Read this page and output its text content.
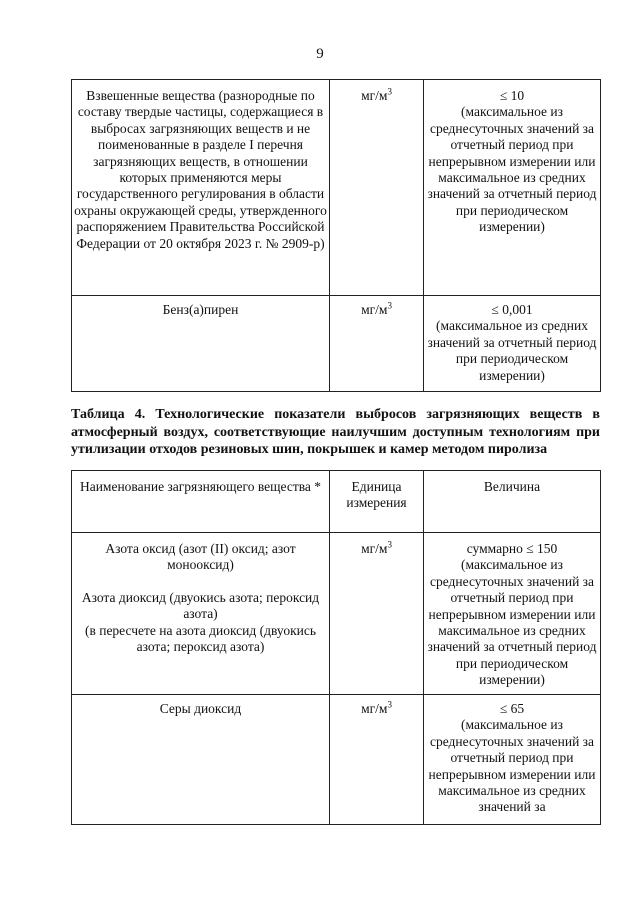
9
Взвешенные вещества (разнородные по составу твердые частицы, содержащиеся в выбросах загрязняющих веществ и не поименованные в разделе I перечня загрязняющих веществ, в отношении которых применяются меры государственного регулирования в области охраны окружающей среды, утвержденного распоряжением Правительства Российской Федерации от 20 октября 2023 г. № 2909-р)	$мг/м^3$	≤ 10
(максимальное из среднесуточных значений за отчетный период при непрерывном измерении или максимальное из средних значений за отчетный период при периодическом измерении)

Бенз(а)пирен	$мг/м^3$	≤ 0,001
(максимальное из средних значений за отчетный период при периодическом измерении)
Таблица 4. Технологические показатели выбросов загрязняющих веществ в атмосферный воздух, соответствующие наилучшим доступным технологиям при утилизации отходов резиновых шин, покрышек и камер методом пиролиза
Наименование загрязняющего вещества *	Единица измерения	Величина

Азота оксид (азот (II) оксид; азот монооксид)
Азота диоксид (двуокись азота; пероксид азота)
(в пересчете на азота диоксид (двуокись азота; пероксид азота)	$мг/м^3$	суммарно ≤ 150
(максимальное из среднесуточных значений за отчетный период при непрерывном измерении или максимальное из средних значений за отчетный период при периодическом измерении)

Серы диоксид	$мг/м^3$	≤ 65
(максимальное из среднесуточных значений за отчетный период при непрерывном измерении или максимальное из средних значений за
